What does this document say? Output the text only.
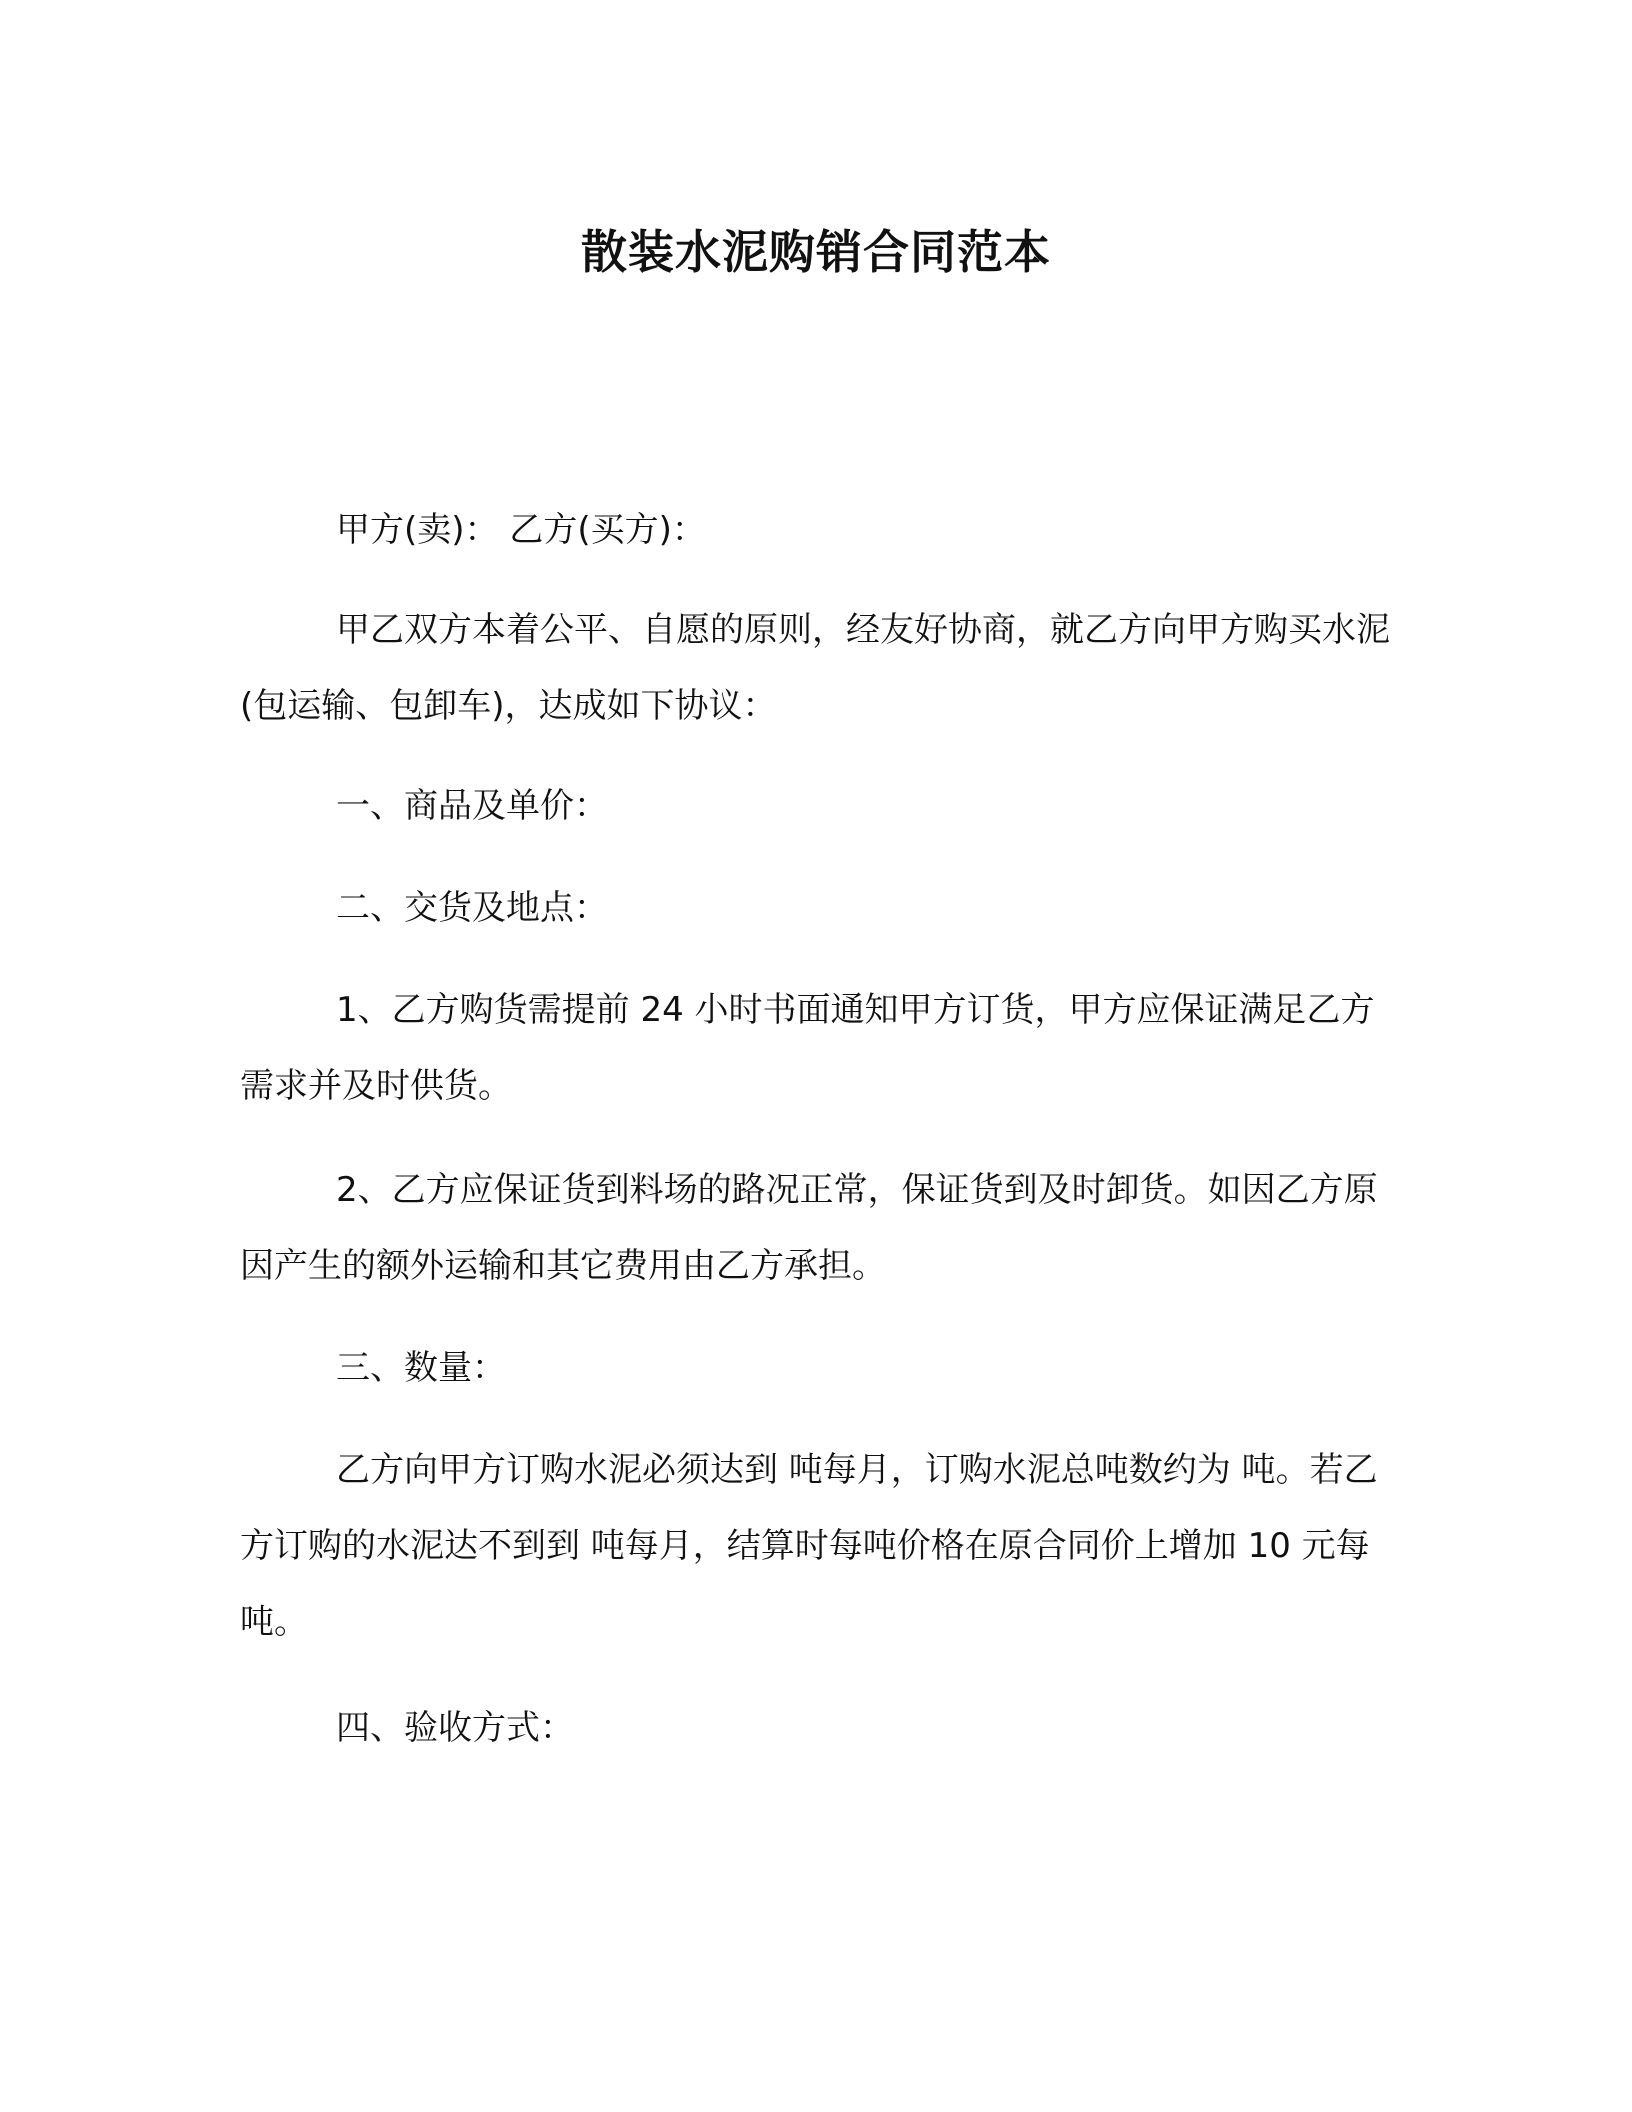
散装水泥购销合同范本

甲方(卖)： 乙方(买方)：

甲乙双方本着公平、自愿的原则，经友好协商，就乙方向甲方购买水泥(包运输、包卸车)，达成如下协议：

一、商品及单价：

二、交货及地点：

1、乙方购货需提前 24 小时书面通知甲方订货，甲方应保证满足乙方需求并及时供货。

2、乙方应保证货到料场的路况正常，保证货到及时卸货。如因乙方原因产生的额外运输和其它费用由乙方承担。

三、数量：

乙方向甲方订购水泥必须达到 吨每月，订购水泥总吨数约为 吨。若乙方订购的水泥达不到到 吨每月，结算时每吨价格在原合同价上增加 10 元每吨。

四、验收方式：
